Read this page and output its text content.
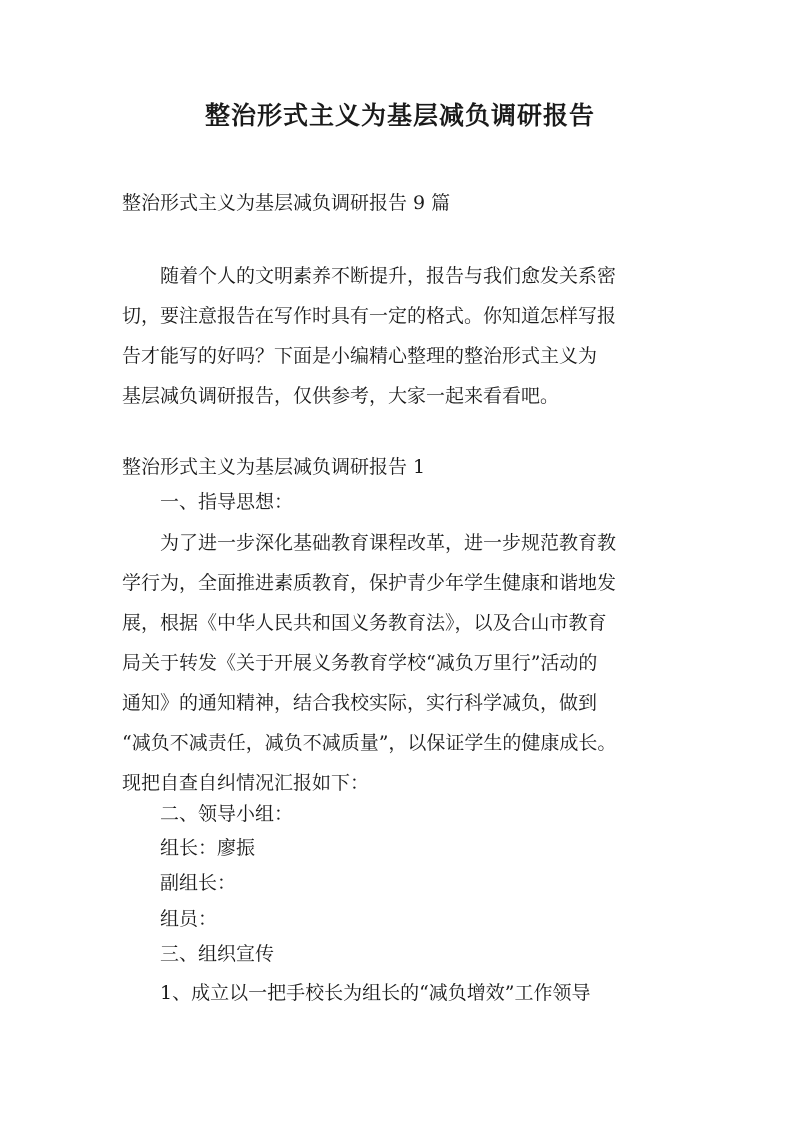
整治形式主义为基层减负调研报告

整治形式主义为基层减负调研报告 9 篇

随着个人的文明素养不断提升，报告与我们愈发关系密

切，要注意报告在写作时具有一定的格式。你知道怎样写报

告才能写的好吗？下面是小编精心整理的整治形式主义为

基层减负调研报告，仅供参考，大家一起来看看吧。

整治形式主义为基层减负调研报告 1

一、指导思想：

为了进一步深化基础教育课程改革，进一步规范教育教

学行为，全面推进素质教育，保护青少年学生健康和谐地发

展，根据《中华人民共和国义务教育法》，以及合山市教育

局关于转发《关于开展义务教育学校“减负万里行”活动的

通知》的通知精神，结合我校实际，实行科学减负，做到

“减负不减责任，减负不减质量”，以保证学生的健康成长。

现把自查自纠情况汇报如下：

二、领导小组：

组长：廖振

副组长：

组员：

三、组织宣传

1、成立以一把手校长为组长的“减负增效”工作领导
